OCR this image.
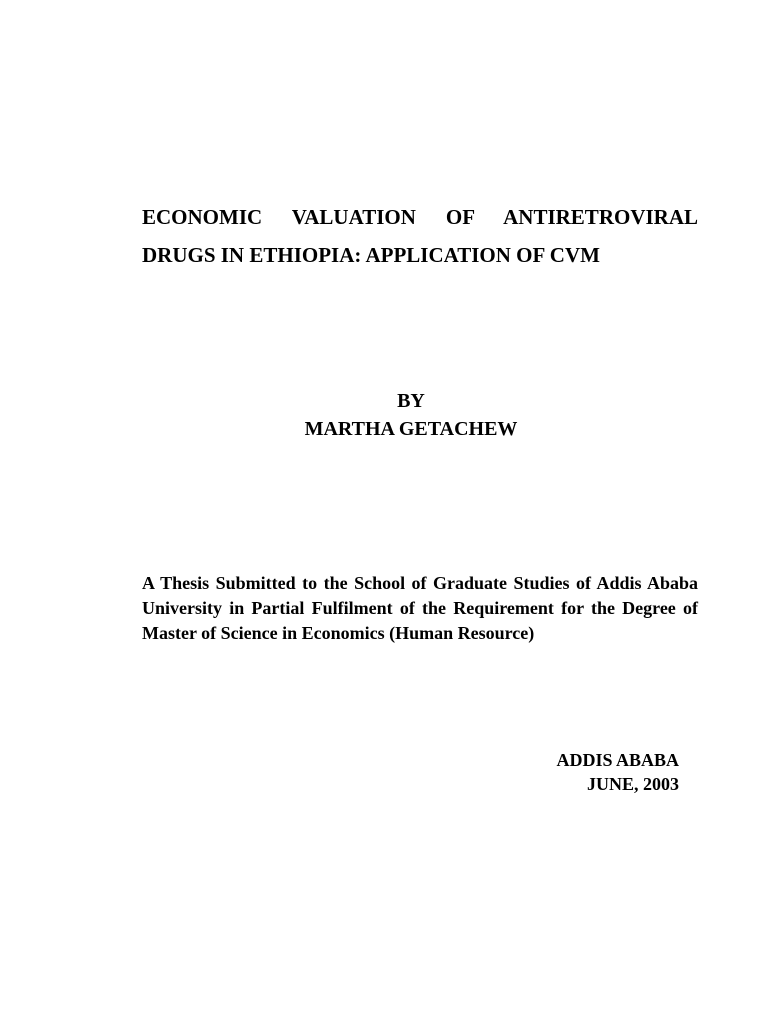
ECONOMIC VALUATION OF ANTIRETROVIRAL
DRUGS IN ETHIOPIA: APPLICATION OF CVM
BY
MARTHA GETACHEW
A Thesis Submitted to the School of Graduate Studies of Addis Ababa University in Partial Fulfilment of the Requirement for the Degree of Master of Science in Economics (Human Resource)
ADDIS ABABA
JUNE, 2003
